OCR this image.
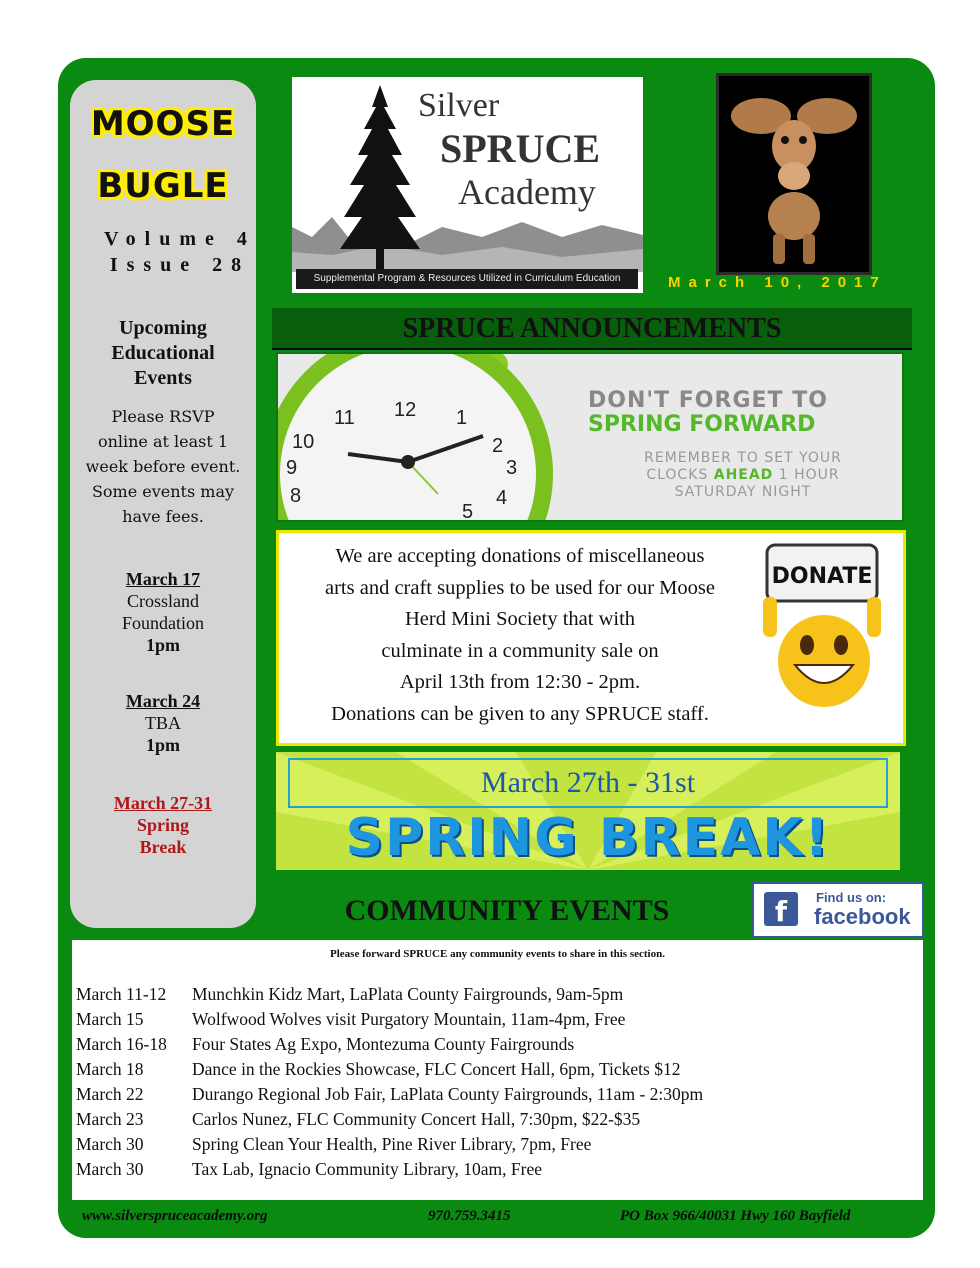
MOOSE
BUGLE
Volume 4
Issue 28
Upcoming
Educational
Events
Please RSVP
online at least 1
week before event.
Some events may
have fees.
March 17
Crossland
Foundation
1pm
March 24
TBA
1pm
March 27-31
Spring
Break
Silver
SPRUCE
Academy
Supplemental Program & Resources Utilized in Curriculum Education	March 10, 2017
SPRUCE ANNOUNCEMENTS
11 12 1
2
3
4
5
10
9
8
DON'T FORGET TO
SPRING FORWARD
REMEMBER TO SET YOUR
CLOCKS AHEAD 1 HOUR
SATURDAY NIGHT
We are accepting donations of miscellaneous
arts and craft supplies to be used for our Moose
Herd Mini Society that with
culminate in a community sale on
April 13th from 12:30 - 2pm.
Donations can be given to any SPRUCE staff.
DONATE
March 27th - 31st
SPRING BREAK!
COMMUNITY EVENTS	f	Find us on:
facebook
Please forward SPRUCE any community events to share in this section.
March 11-12 Munchkin Kidz Mart, LaPlata County Fairgrounds, 9am-5pm
March 15	Wolfwood Wolves visit Purgatory Mountain, 11am-4pm, Free
March 16-18 Four States Ag Expo, Montezuma County Fairgrounds
March 18	Dance in the Rockies Showcase, FLC Concert Hall, 6pm, Tickets $12
March 22	Durango Regional Job Fair, LaPlata County Fairgrounds, 11am - 2:30pm
March 23	Carlos Nunez, FLC Community Concert Hall, 7:30pm, $22-$35
March 30	Spring Clean Your Health, Pine River Library, 7pm, Free
March 30	Tax Lab, Ignacio Community Library, 10am, Free
www.silverspruceacademy.org	970.759.3415	PO Box 966/40031 Hwy 160 Bayfield
